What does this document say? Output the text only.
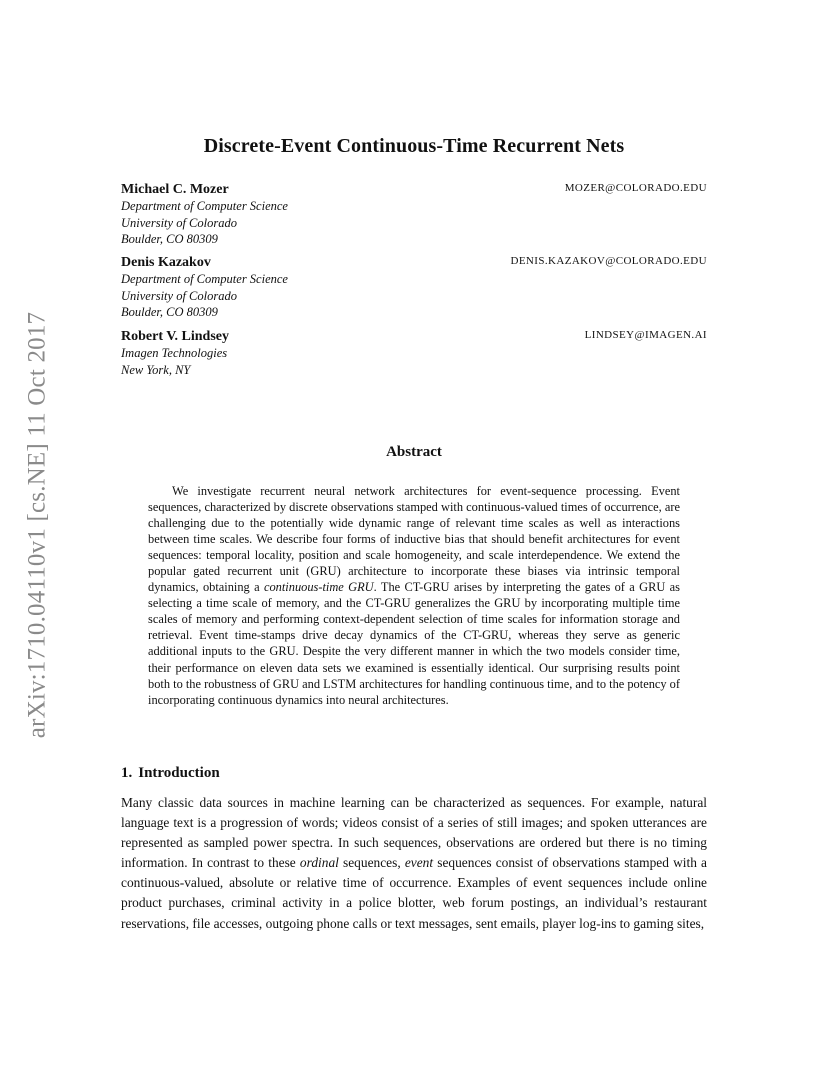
arXiv:1710.04110v1 [cs.NE] 11 Oct 2017
Discrete-Event Continuous-Time Recurrent Nets
Michael C. Mozer	MOZER@COLORADO.EDU
Department of Computer Science
University of Colorado
Boulder, CO 80309
Denis Kazakov	DENIS.KAZAKOV@COLORADO.EDU
Department of Computer Science
University of Colorado
Boulder, CO 80309
Robert V. Lindsey	LINDSEY@IMAGEN.AI
Imagen Technologies
New York, NY
Abstract
We investigate recurrent neural network architectures for event-sequence processing. Event sequences, characterized by discrete observations stamped with continuous-valued times of occurrence, are challenging due to the potentially wide dynamic range of relevant time scales as well as interactions between time scales. We describe four forms of inductive bias that should benefit architectures for event sequences: temporal locality, position and scale homogeneity, and scale interdependence. We extend the popular gated recurrent unit (GRU) architecture to incorporate these biases via intrinsic temporal dynamics, obtaining a continuous-time GRU. The CT-GRU arises by interpreting the gates of a GRU as selecting a time scale of memory, and the CT-GRU generalizes the GRU by incorporating multiple time scales of memory and performing context-dependent selection of time scales for information storage and retrieval. Event time-stamps drive decay dynamics of the CT-GRU, whereas they serve as generic additional inputs to the GRU. Despite the very different manner in which the two models consider time, their performance on eleven data sets we examined is essentially identical. Our surprising results point both to the robustness of GRU and LSTM architectures for handling continuous time, and to the potency of incorporating continuous dynamics into neural architectures.
1. Introduction
Many classic data sources in machine learning can be characterized as sequences. For example, natural language text is a progression of words; videos consist of a series of still images; and spoken utterances are represented as sampled power spectra. In such sequences, observations are ordered but there is no timing information. In contrast to these ordinal sequences, event sequences consist of observations stamped with a continuous-valued, absolute or relative time of occurrence. Examples of event sequences include online product purchases, criminal activity in a police blotter, web forum postings, an individual’s restaurant reservations, file accesses, outgoing phone calls or text messages, sent emails, player log-ins to gaming sites,
